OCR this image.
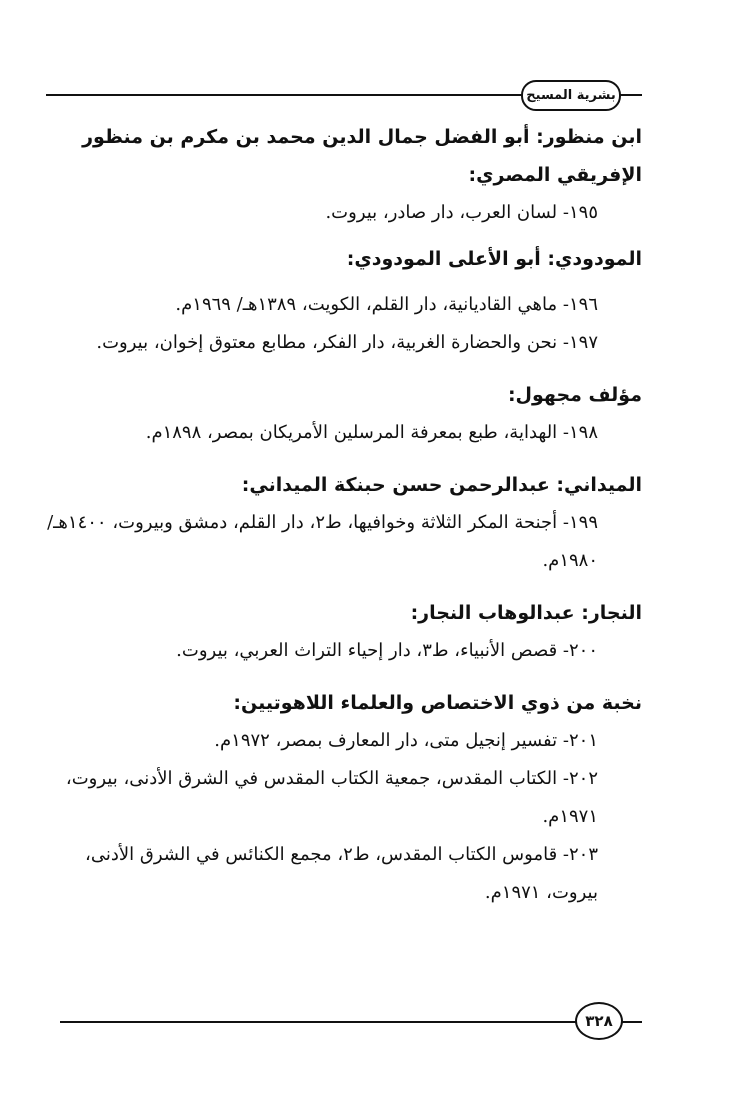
بشرية المسيح

ابن منظور: أبو الفضل جمال الدين محمد بن مكرم بن منظور الإفريقي المصري:

١٩٥- لسان العرب، دار صادر، بيروت.

المودودي: أبو الأعلى المودودي:

١٩٦- ماهي القاديانية، دار القلم، الكويت، ١٣٨٩هـ/ ١٩٦٩م.

١٩٧- نحن والحضارة الغربية، دار الفكر، مطابع معتوق إخوان، بيروت.

مؤلف مجهول:

١٩٨- الهداية، طبع بمعرفة المرسلين الأمريكان بمصر، ١٨٩٨م.

الميداني: عبدالرحمن حسن حبنكة الميداني:

١٩٩- أجنحة المكر الثلاثة وخوافيها، ط٢، دار القلم، دمشق وبيروت، ١٤٠٠هـ/ ١٩٨٠م.

النجار: عبدالوهاب النجار:

٢٠٠- قصص الأنبياء، ط٣، دار إحياء التراث العربي، بيروت.

نخبة من ذوي الاختصاص والعلماء اللاهوتيين:

٢٠١- تفسير إنجيل متى، دار المعارف بمصر، ١٩٧٢م.

٢٠٢- الكتاب المقدس، جمعية الكتاب المقدس في الشرق الأدنى، بيروت، ١٩٧١م.

٢٠٣- قاموس الكتاب المقدس، ط٢، مجمع الكنائس في الشرق الأدنى، بيروت، ١٩٧١م.

٣٢٨
